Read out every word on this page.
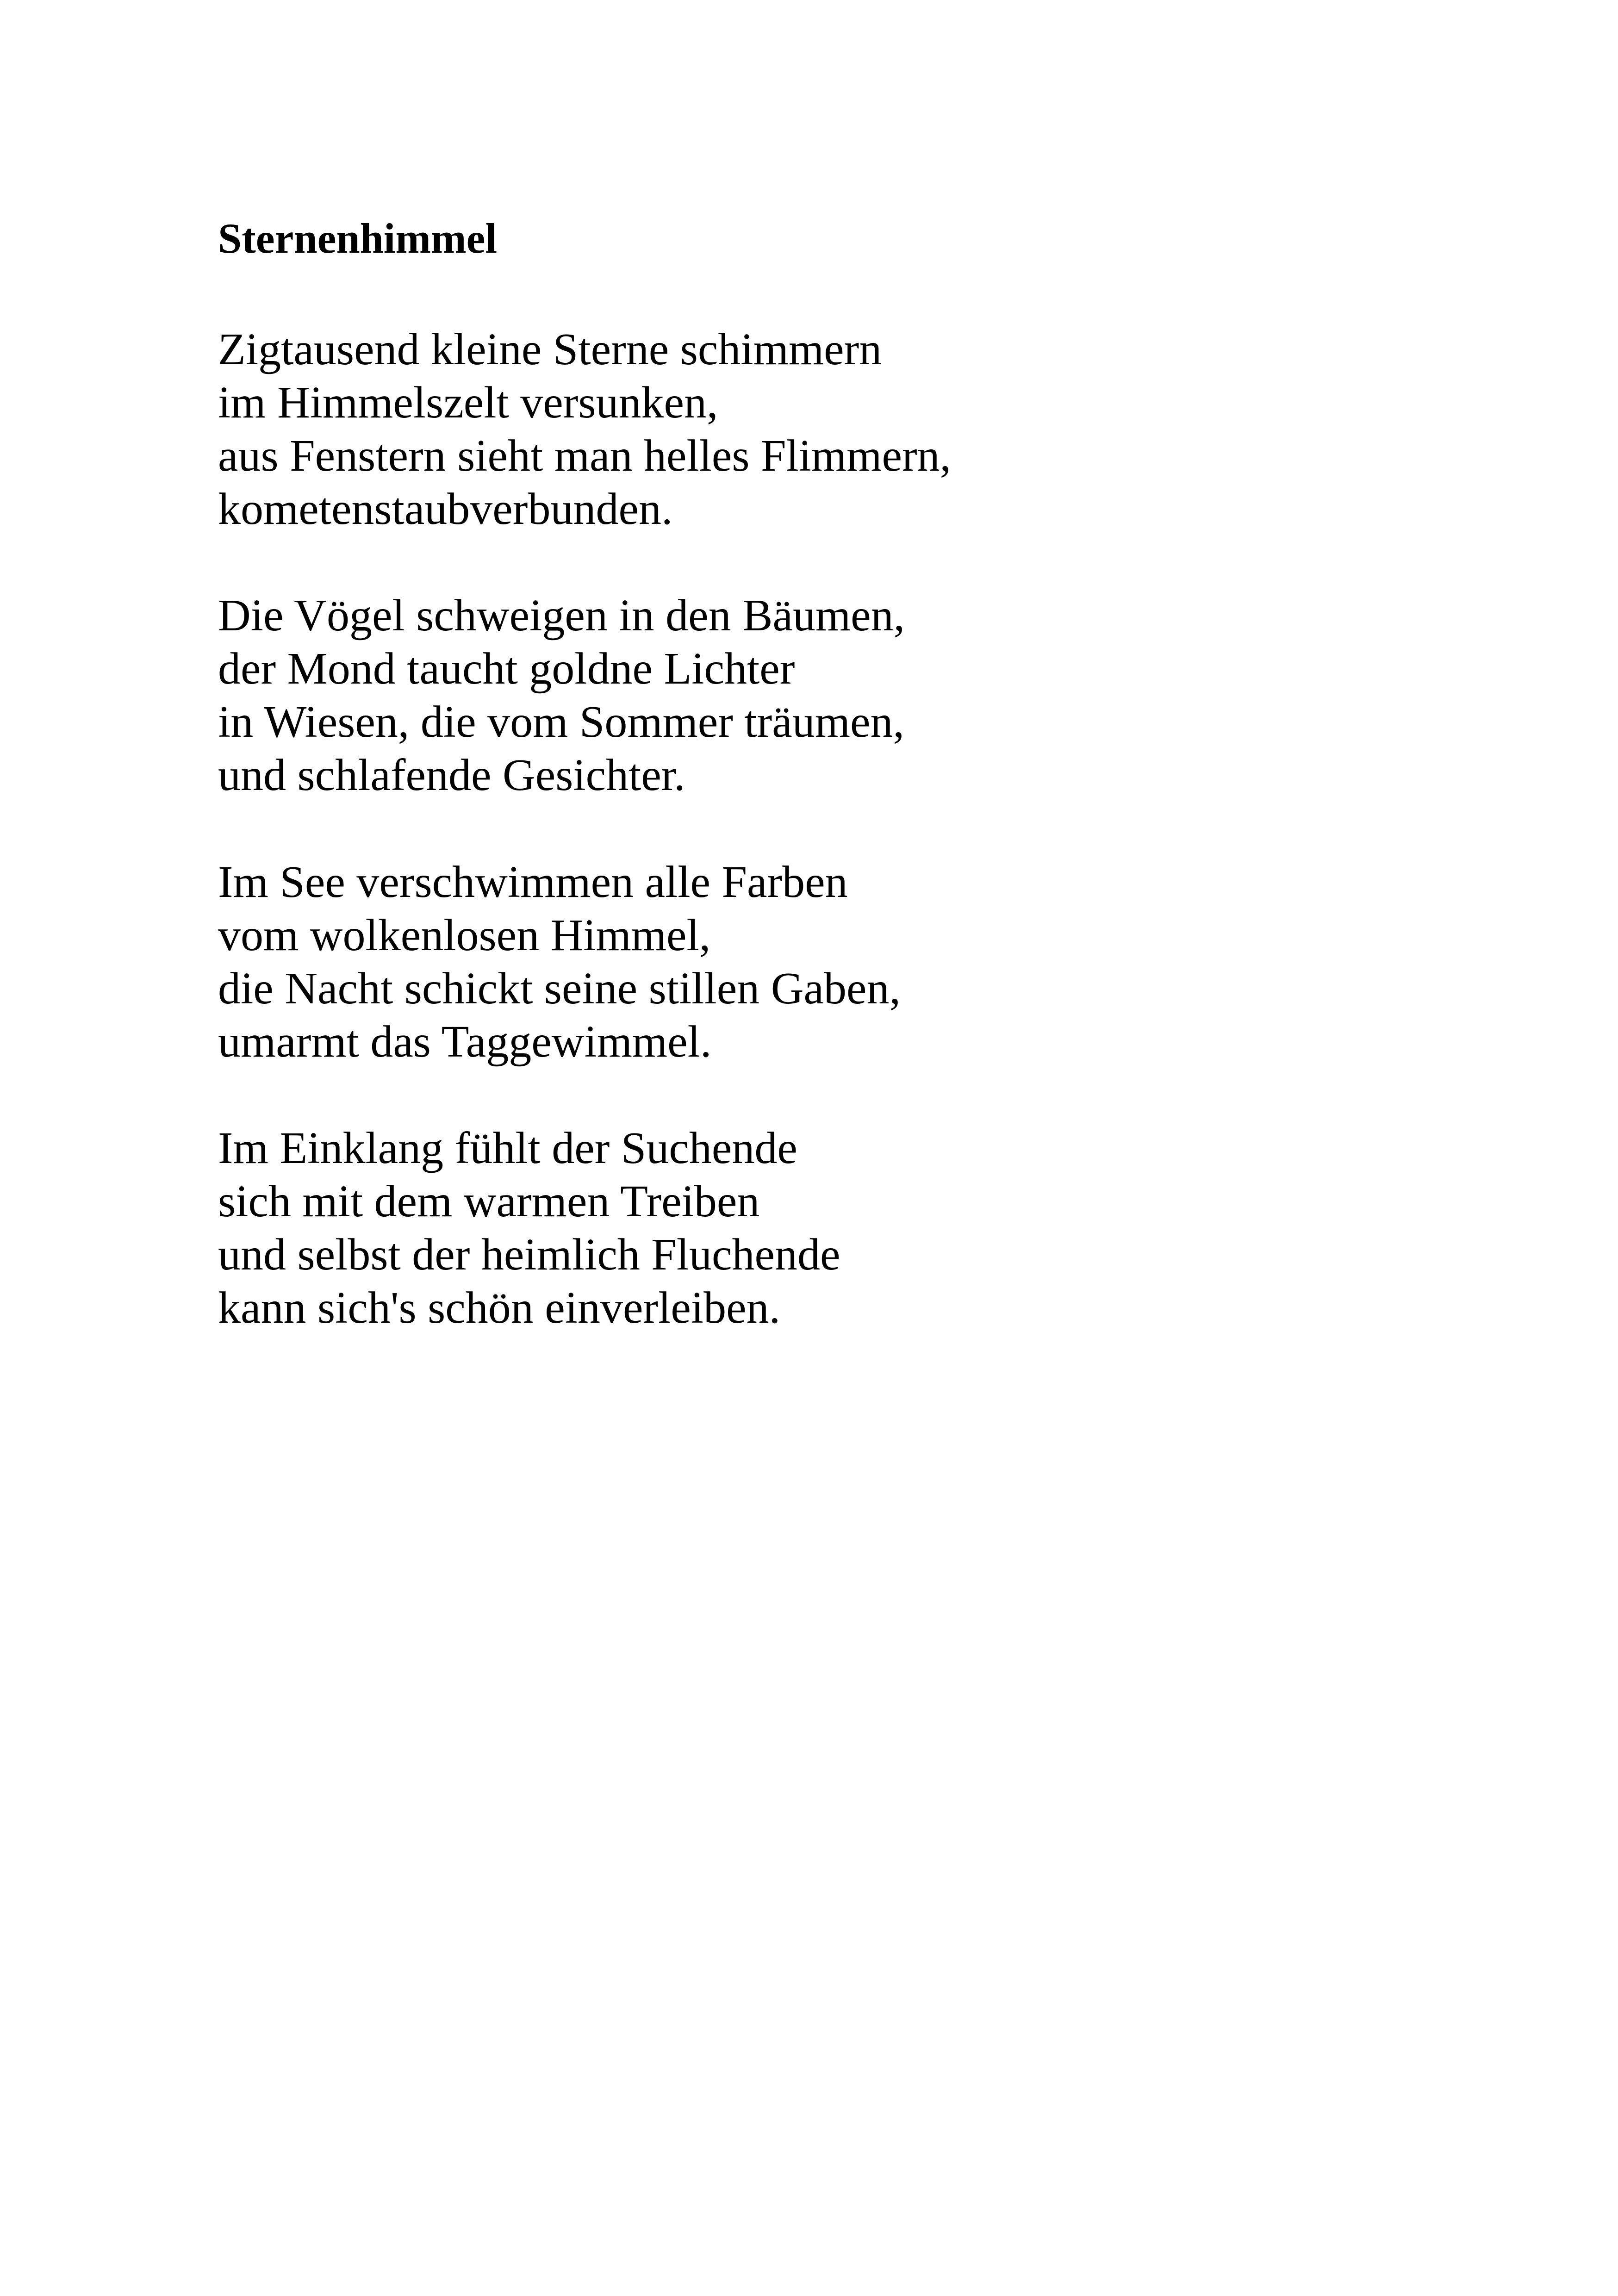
Sternenhimmel
Zigtausend kleine Sterne schimmern
im Himmelszelt versunken,
aus Fenstern sieht man helles Flimmern,
kometenstaubverbunden.
Die Vögel schweigen in den Bäumen,
der Mond taucht goldne Lichter
in Wiesen, die vom Sommer träumen,
und schlafende Gesichter.
Im See verschwimmen alle Farben
vom wolkenlosen Himmel,
die Nacht schickt seine stillen Gaben,
umarmt das Taggewimmel.
Im Einklang fühlt der Suchende
sich mit dem warmen Treiben
und selbst der heimlich Fluchende
kann sich's schön einverleiben.
